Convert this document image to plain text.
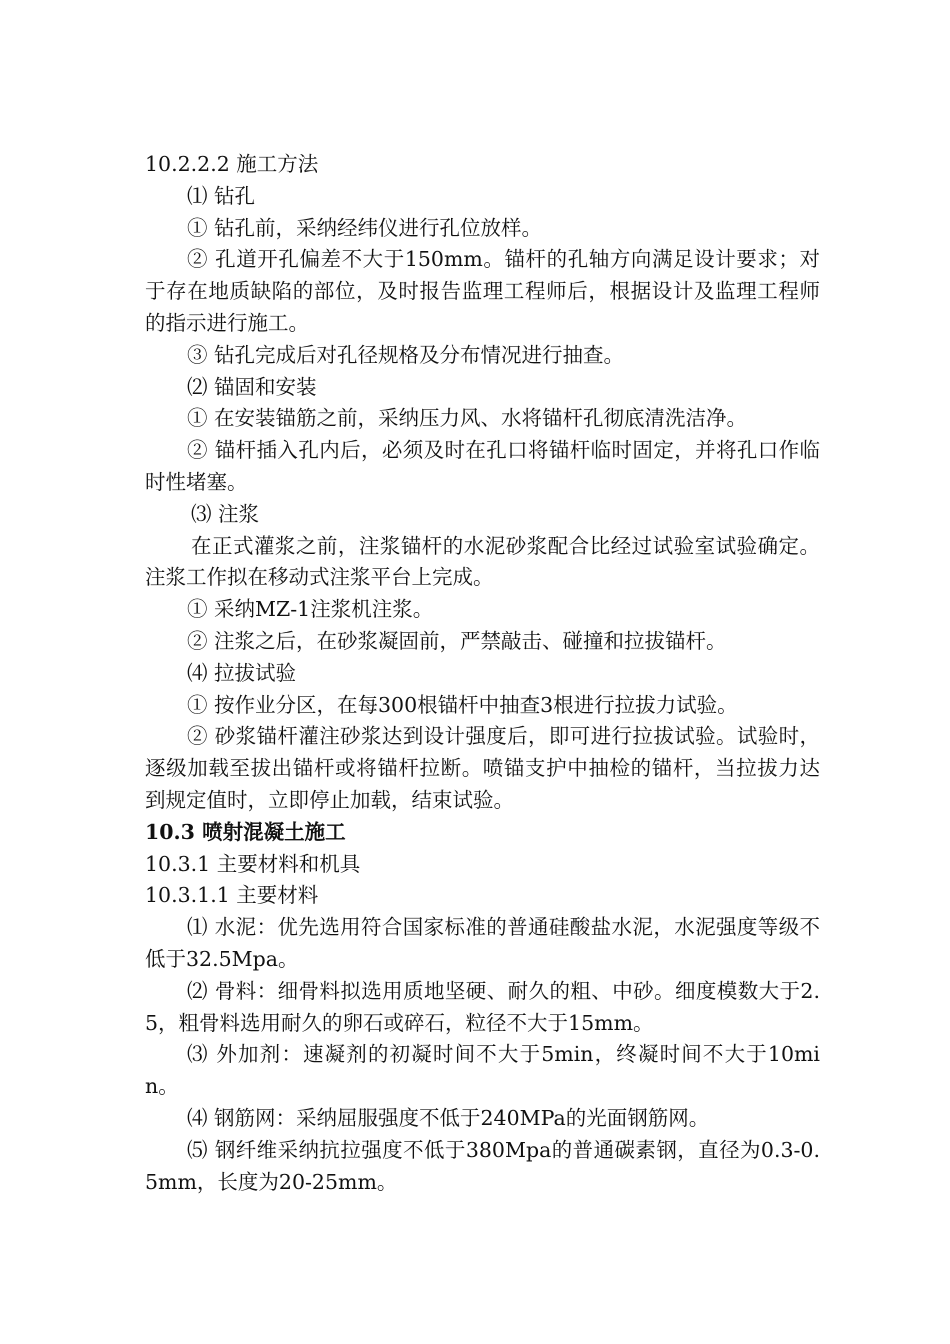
10.2.2.2 施工方法

⑴ 钻孔

① 钻孔前，采纳经纬仪进行孔位放样。

② 孔道开孔偏差不大于150mm。锚杆的孔轴方向满足设计要求；对于存在地质缺陷的部位，及时报告监理工程师后，根据设计及监理工程师的指示进行施工。

③ 钻孔完成后对孔径规格及分布情况进行抽查。

⑵ 锚固和安装

① 在安装锚筋之前，采纳压力风、水将锚杆孔彻底清洗洁净。

② 锚杆插入孔内后，必须及时在孔口将锚杆临时固定，并将孔口作临时性堵塞。

⑶ 注浆

在正式灌浆之前，注浆锚杆的水泥砂浆配合比经过试验室试验确定。注浆工作拟在移动式注浆平台上完成。

① 采纳MZ-1注浆机注浆。

② 注浆之后，在砂浆凝固前，严禁敲击、碰撞和拉拔锚杆。

⑷ 拉拔试验

① 按作业分区，在每300根锚杆中抽查3根进行拉拔力试验。

② 砂浆锚杆灌注砂浆达到设计强度后，即可进行拉拔试验。试验时，逐级加载至拔出锚杆或将锚杆拉断。喷锚支护中抽检的锚杆，当拉拔力达到规定值时，立即停止加载，结束试验。

10.3 喷射混凝土施工

10.3.1 主要材料和机具

10.3.1.1 主要材料

⑴ 水泥：优先选用符合国家标准的普通硅酸盐水泥，水泥强度等级不低于32.5Mpa。

⑵ 骨料：细骨料拟选用质地坚硬、耐久的粗、中砂。细度模数大于2.5，粗骨料选用耐久的卵石或碎石，粒径不大于15mm。

⑶ 外加剂：速凝剂的初凝时间不大于5min，终凝时间不大于10min。

⑷ 钢筋网：采纳屈服强度不低于240MPa的光面钢筋网。

⑸ 钢纤维采纳抗拉强度不低于380Mpa的普通碳素钢，直径为0.3-0.5mm，长度为20-25mm。
